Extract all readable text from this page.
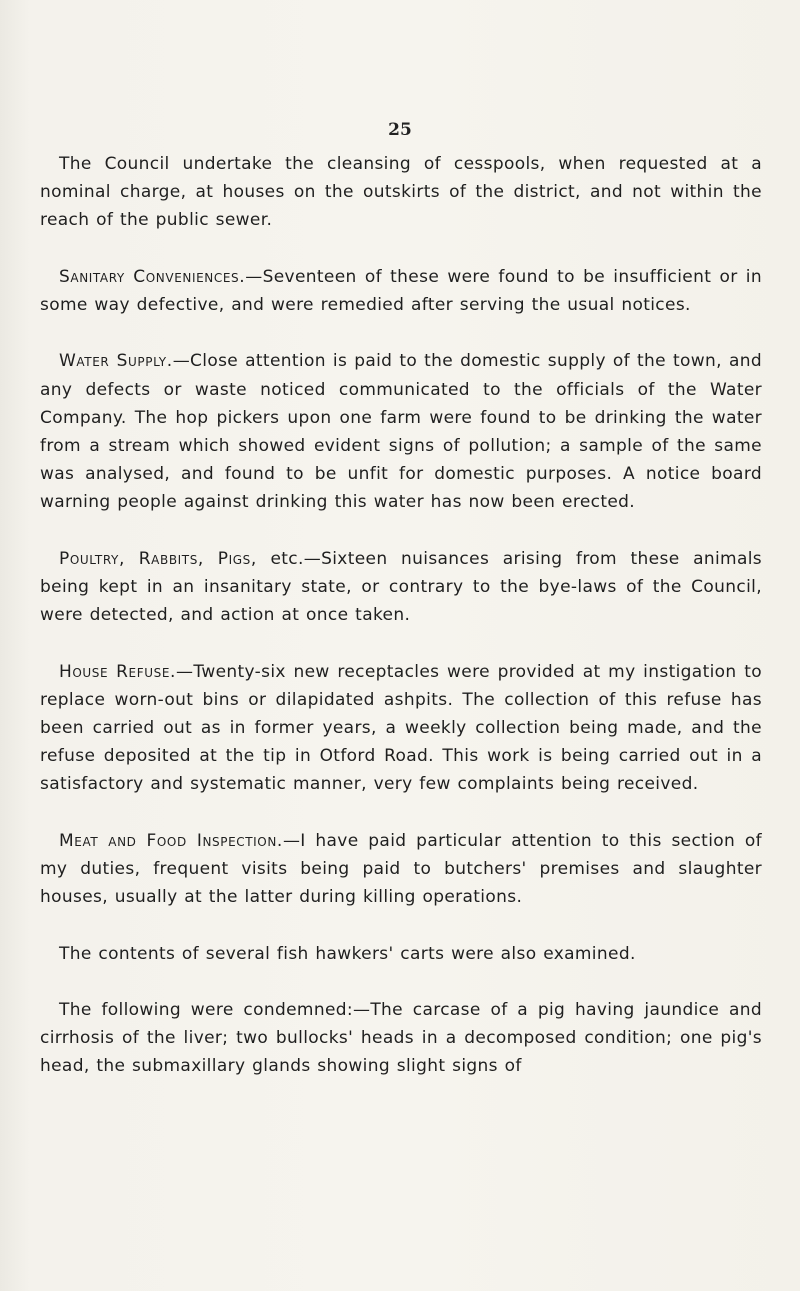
25

The Council undertake the cleansing of cesspools, when requested at a nominal charge, at houses on the outskirts of the district, and not within the reach of the public sewer.

Sanitary Conveniences.—Seventeen of these were found to be insufficient or in some way defective, and were remedied after serving the usual notices.

Water Supply.—Close attention is paid to the domestic supply of the town, and any defects or waste noticed communicated to the officials of the Water Company. The hop pickers upon one farm were found to be drinking the water from a stream which showed evident signs of pollution; a sample of the same was analysed, and found to be unfit for domestic purposes. A notice board warning people against drinking this water has now been erected.

Poultry, Rabbits, Pigs, etc.—Sixteen nuisances arising from these animals being kept in an insanitary state, or contrary to the bye-laws of the Council, were detected, and action at once taken.

House Refuse.—Twenty-six new receptacles were provided at my instigation to replace worn-out bins or dilapidated ashpits. The collection of this refuse has been carried out as in former years, a weekly collection being made, and the refuse deposited at the tip in Otford Road. This work is being carried out in a satisfactory and systematic manner, very few complaints being received.

Meat and Food Inspection.—I have paid particular attention to this section of my duties, frequent visits being paid to butchers' premises and slaughter houses, usually at the latter during killing operations.

The contents of several fish hawkers' carts were also examined.

The following were condemned:—The carcase of a pig having jaundice and cirrhosis of the liver; two bullocks' heads in a decomposed condition; one pig's head, the submaxillary glands showing slight signs of
